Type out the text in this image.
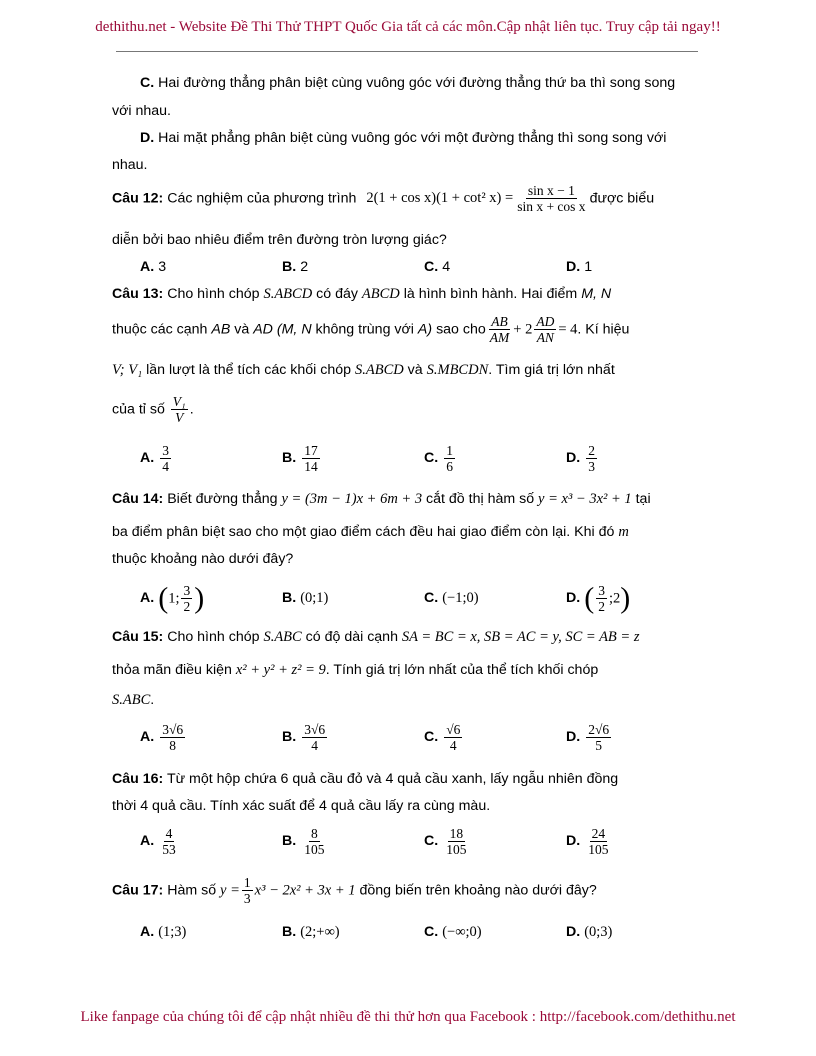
dethithu.net - Website Đề Thi Thử THPT Quốc Gia tất cả các môn.Cập nhật liên tục. Truy cập tải ngay!!
C. Hai đường thẳng phân biệt cùng vuông góc với đường thẳng thứ ba thì song song
với nhau.
D. Hai mặt phẳng phân biệt cùng vuông góc với một đường thẳng thì song song với
nhau.
Câu 12: Các nghiệm của phương trình 2(1 + cos x)(1 + cot² $x) = \frac{\text{sin x − 1}}{\text{sin x + cos x}}$ được biểu
diễn bởi bao nhiêu điểm trên đường tròn lượng giác?
A. 3	B. 2	C. 4	D. 1
Câu 13: Cho hình chóp S.ABCD có đáy ABCD là hình bình hành. Hai điểm M, N
thuộc các cạnh AB và AD (M, N không trùng với A) sao cho $\frac{AB}{AM} + 2 \frac{AD}{AN} = 4$. Kí hiệu
V; V₁ lần lượt là thể tích các khối chóp S.ABCD và S.MBCDN. Tìm giá trị lớn nhất
của tỉ số $\frac{\text{V₁}}{V}$ .
A. $\frac{3}{4}$	B. $\frac{17}{14}$	C. $\frac{1}{6}$	D. $\frac{2}{3}$
Câu 14: Biết đường thẳng y = (3m − 1)x + 6m + 3 cắt đồ thị hàm số y = x³ − 3x² + 1 tại
ba điểm phân biệt sao cho một giao điểm cách đều hai giao điểm còn lại. Khi đó m
thuộc khoảng nào dưới đây?
A. (1; $\frac{3}{2}$ )	B. (0;1)	C. (−1;0)	D. ( $\frac{3}{2}$ ;2)
Câu 15: Cho hình chóp S.ABC có độ dài cạnh SA = BC = x, SB = AC = y, SC = AB = z
thỏa mãn điều kiện x² + y² + z² = 9. Tính giá trị lớn nhất của thể tích khối chóp
S.ABC.
A. $\frac{3√6}{8}$	B. $\frac{3√6}{4}$	C. $\frac{√6}{4}$	D. $\frac{2√6}{5}$
Câu 16: Từ một hộp chứa 6 quả cầu đỏ và 4 quả cầu xanh, lấy ngẫu nhiên đồng
thời 4 quả cầu. Tính xác suất để 4 quả cầu lấy ra cùng màu.
A. $\frac{4}{53}$	B. $\frac{8}{105}$	C. $\frac{18}{105}$	D. $\frac{24}{105}$
Câu 17: Hàm số $y = \frac{1}{3} x^3 - 2x^2 + 3x + 1$ đồng biến trên khoảng nào dưới đây?
A. (1;3)	B. (2;+∞)	C. (−∞;0)	D. (0;3)
Like fanpage của chúng tôi để cập nhật nhiều đề thi thử hơn qua Facebook : http://facebook.com/dethithu.net
